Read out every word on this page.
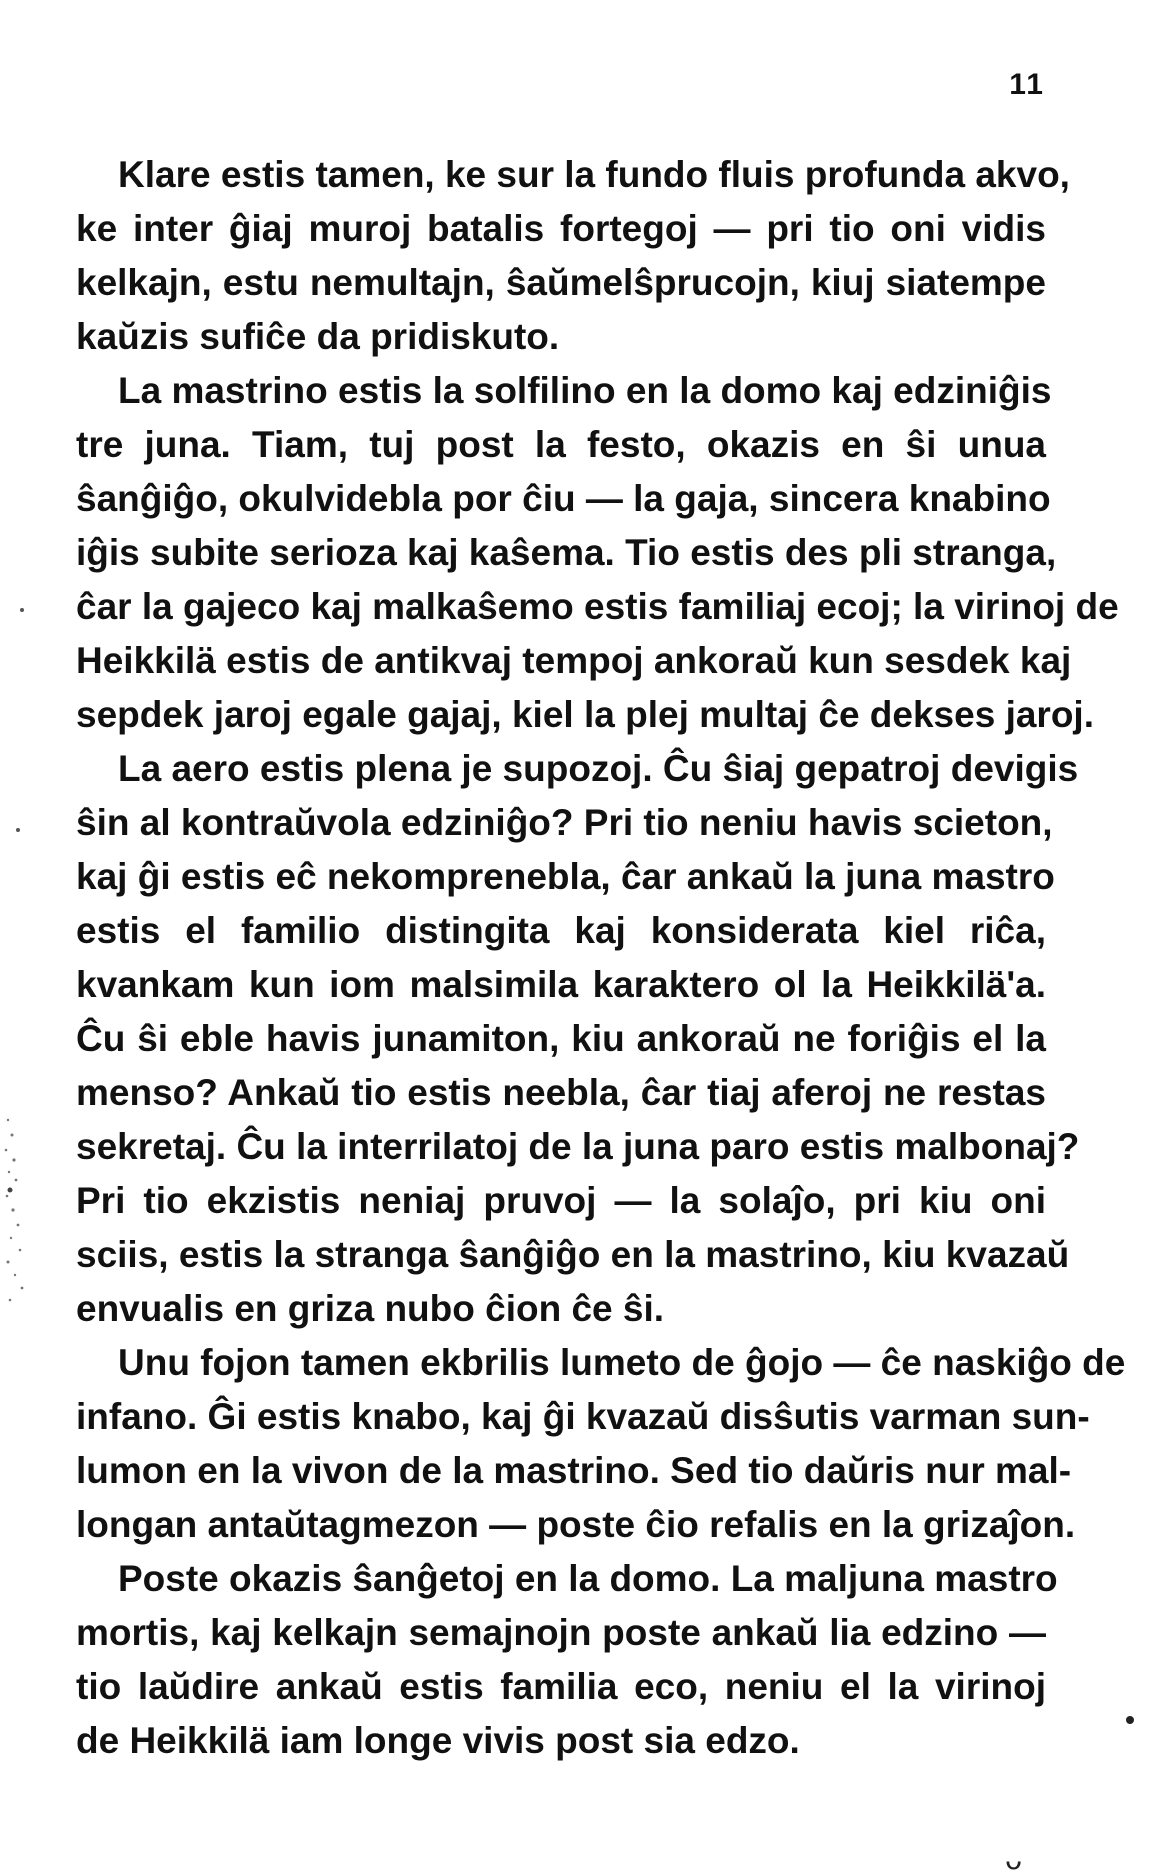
11
Klare estis tamen, ke sur la fundo fluis profunda akvo,
ke inter ĝiaj muroj batalis fortegoj — pri tio oni vidis
kelkajn, estu nemultajn, ŝaŭmelŝprucojn, kiuj siatempe
kaŭzis sufiĉe da pridiskuto.
La mastrino estis la solfilino en la domo kaj edziniĝis
tre juna. Tiam, tuj post la festo, okazis en ŝi unua
ŝanĝiĝo, okulvidebla por ĉiu — la gaja, sincera knabino
iĝis subite serioza kaj kaŝema. Tio estis des pli stranga,
ĉar la gajeco kaj malkaŝemo estis familiaj ecoj; la virinoj de
Heikkilä estis de antikvaj tempoj ankoraŭ kun sesdek kaj
sepdek jaroj egale gajaj, kiel la plej multaj ĉe dekses jaroj.
La aero estis plena je supozoj. Ĉu ŝiaj gepatroj devigis
ŝin al kontraŭvola edziniĝo? Pri tio neniu havis scieton,
kaj ĝi estis eĉ nekomprenebla, ĉar ankaŭ la juna mastro
estis el familio distingita kaj konsiderata kiel riĉa,
kvankam kun iom malsimila karaktero ol la Heikkilä'a.
Ĉu ŝi eble havis junamiton, kiu ankoraŭ ne foriĝis el la
menso? Ankaŭ tio estis neebla, ĉar tiaj aferoj ne restas
sekretaj. Ĉu la interrilatoj de la juna paro estis malbonaj?
Pri tio ekzistis neniaj pruvoj — la solaĵo, pri kiu oni
sciis, estis la stranga ŝanĝiĝo en la mastrino, kiu kvazaŭ
envualis en griza nubo ĉion ĉe ŝi.
Unu fojon tamen ekbrilis lumeto de ĝojo — ĉe naskiĝo de
infano. Ĝi estis knabo, kaj ĝi kvazaŭ disŝutis varman sun-
lumon en la vivon de la mastrino. Sed tio daŭris nur mal-
longan antaŭtagmezon — poste ĉio refalis en la grizaĵon.
Poste okazis ŝanĝetoj en la domo. La maljuna mastro
mortis, kaj kelkajn semajnojn poste ankaŭ lia edzino —
tio laŭdire ankaŭ estis familia eco, neniu el la virinoj
de Heikkilä iam longe vivis post sia edzo.
ᴗ
